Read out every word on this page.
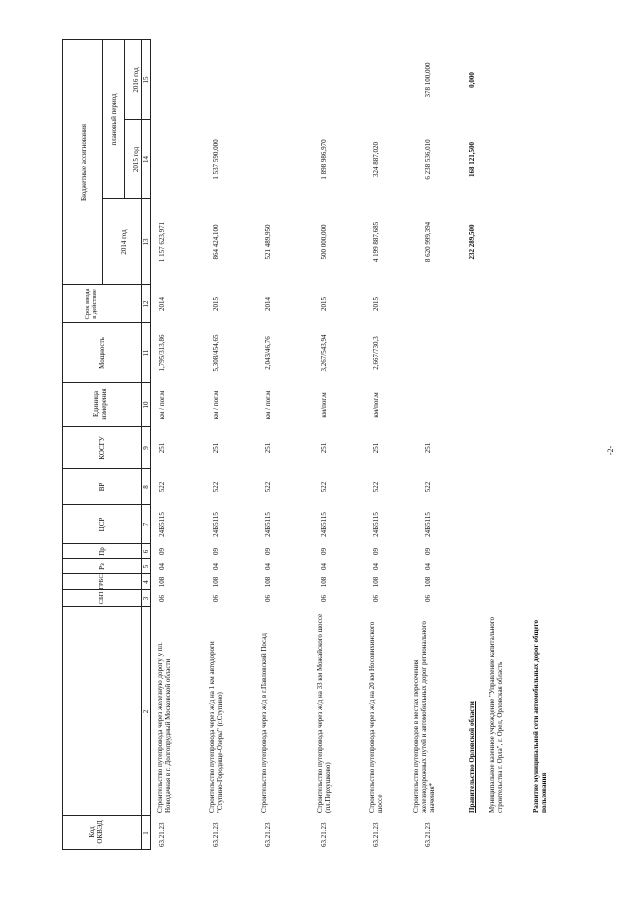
Код ОКВЭД
СБП
ГРБС
Рз
Пр
ЦСР
ВР
КОСГУ
Единица измерения
Мощность
Срок ввода в действие
Бюджетные ассигнования
плановый период
2014 год
2015 год
2016 год
1
2
3
4
5
6
7
8
9
10
11
12
13
14
15
63.21.23
Строительство путепровода через железную дорогу у пл. Новодачная в г. Долгопрудный Московской области
06
108
04
09
24Б5115
522
251
км / пог.м
1,795/313,86
2014
1 157 623,971
63.21.23
Строительство путепровода через ж/д на 1 км автодороги "Ступино-Городище-Озеры" (г.Ступино)
06
108
04
09
24Б5115
522
251
км / пог.м
5,308/454,65
2015
864 424,100
1 537 590,000
63.21.23
Строительство путепровода через ж/д в г.Павловский Посад
06
108
04
09
24Б5115
522
251
км / пог.м
2,043/46,76
2014
521 489,950
63.21.23
Строительство путепровода через ж/д на 33 км Можайского шоссе (пл.Перхушково)
06
108
04
09
24Б5115
522
251
км/пог.м
3,267/543,94
2015
500 000,000
1 898 986,970
63.21.23
Строительство путепровода через ж/д на 20 км Носовихинского шоссе
06
108
04
09
24Б5115
522
251
км/пог.м
2,667/730,3
2015
4 199 887,685
324 887,020
63.21.23
Строительство путепроводов в местах пересечения железнодорожных путей и автомобильных дорог регионального значения*
06
108
04
09
24Б5115
522
251
8 620 999,394
6 238 536,010
378 100,000
Правительство Орловской области
232 289,500
168 121,500
0,000
Муниципальное казенное учреждение "Управление капитального строительства г. Орла", г. Орел, Орловская область	Развитие муниципальной сети автомобильных дорог общего пользования
-2-
